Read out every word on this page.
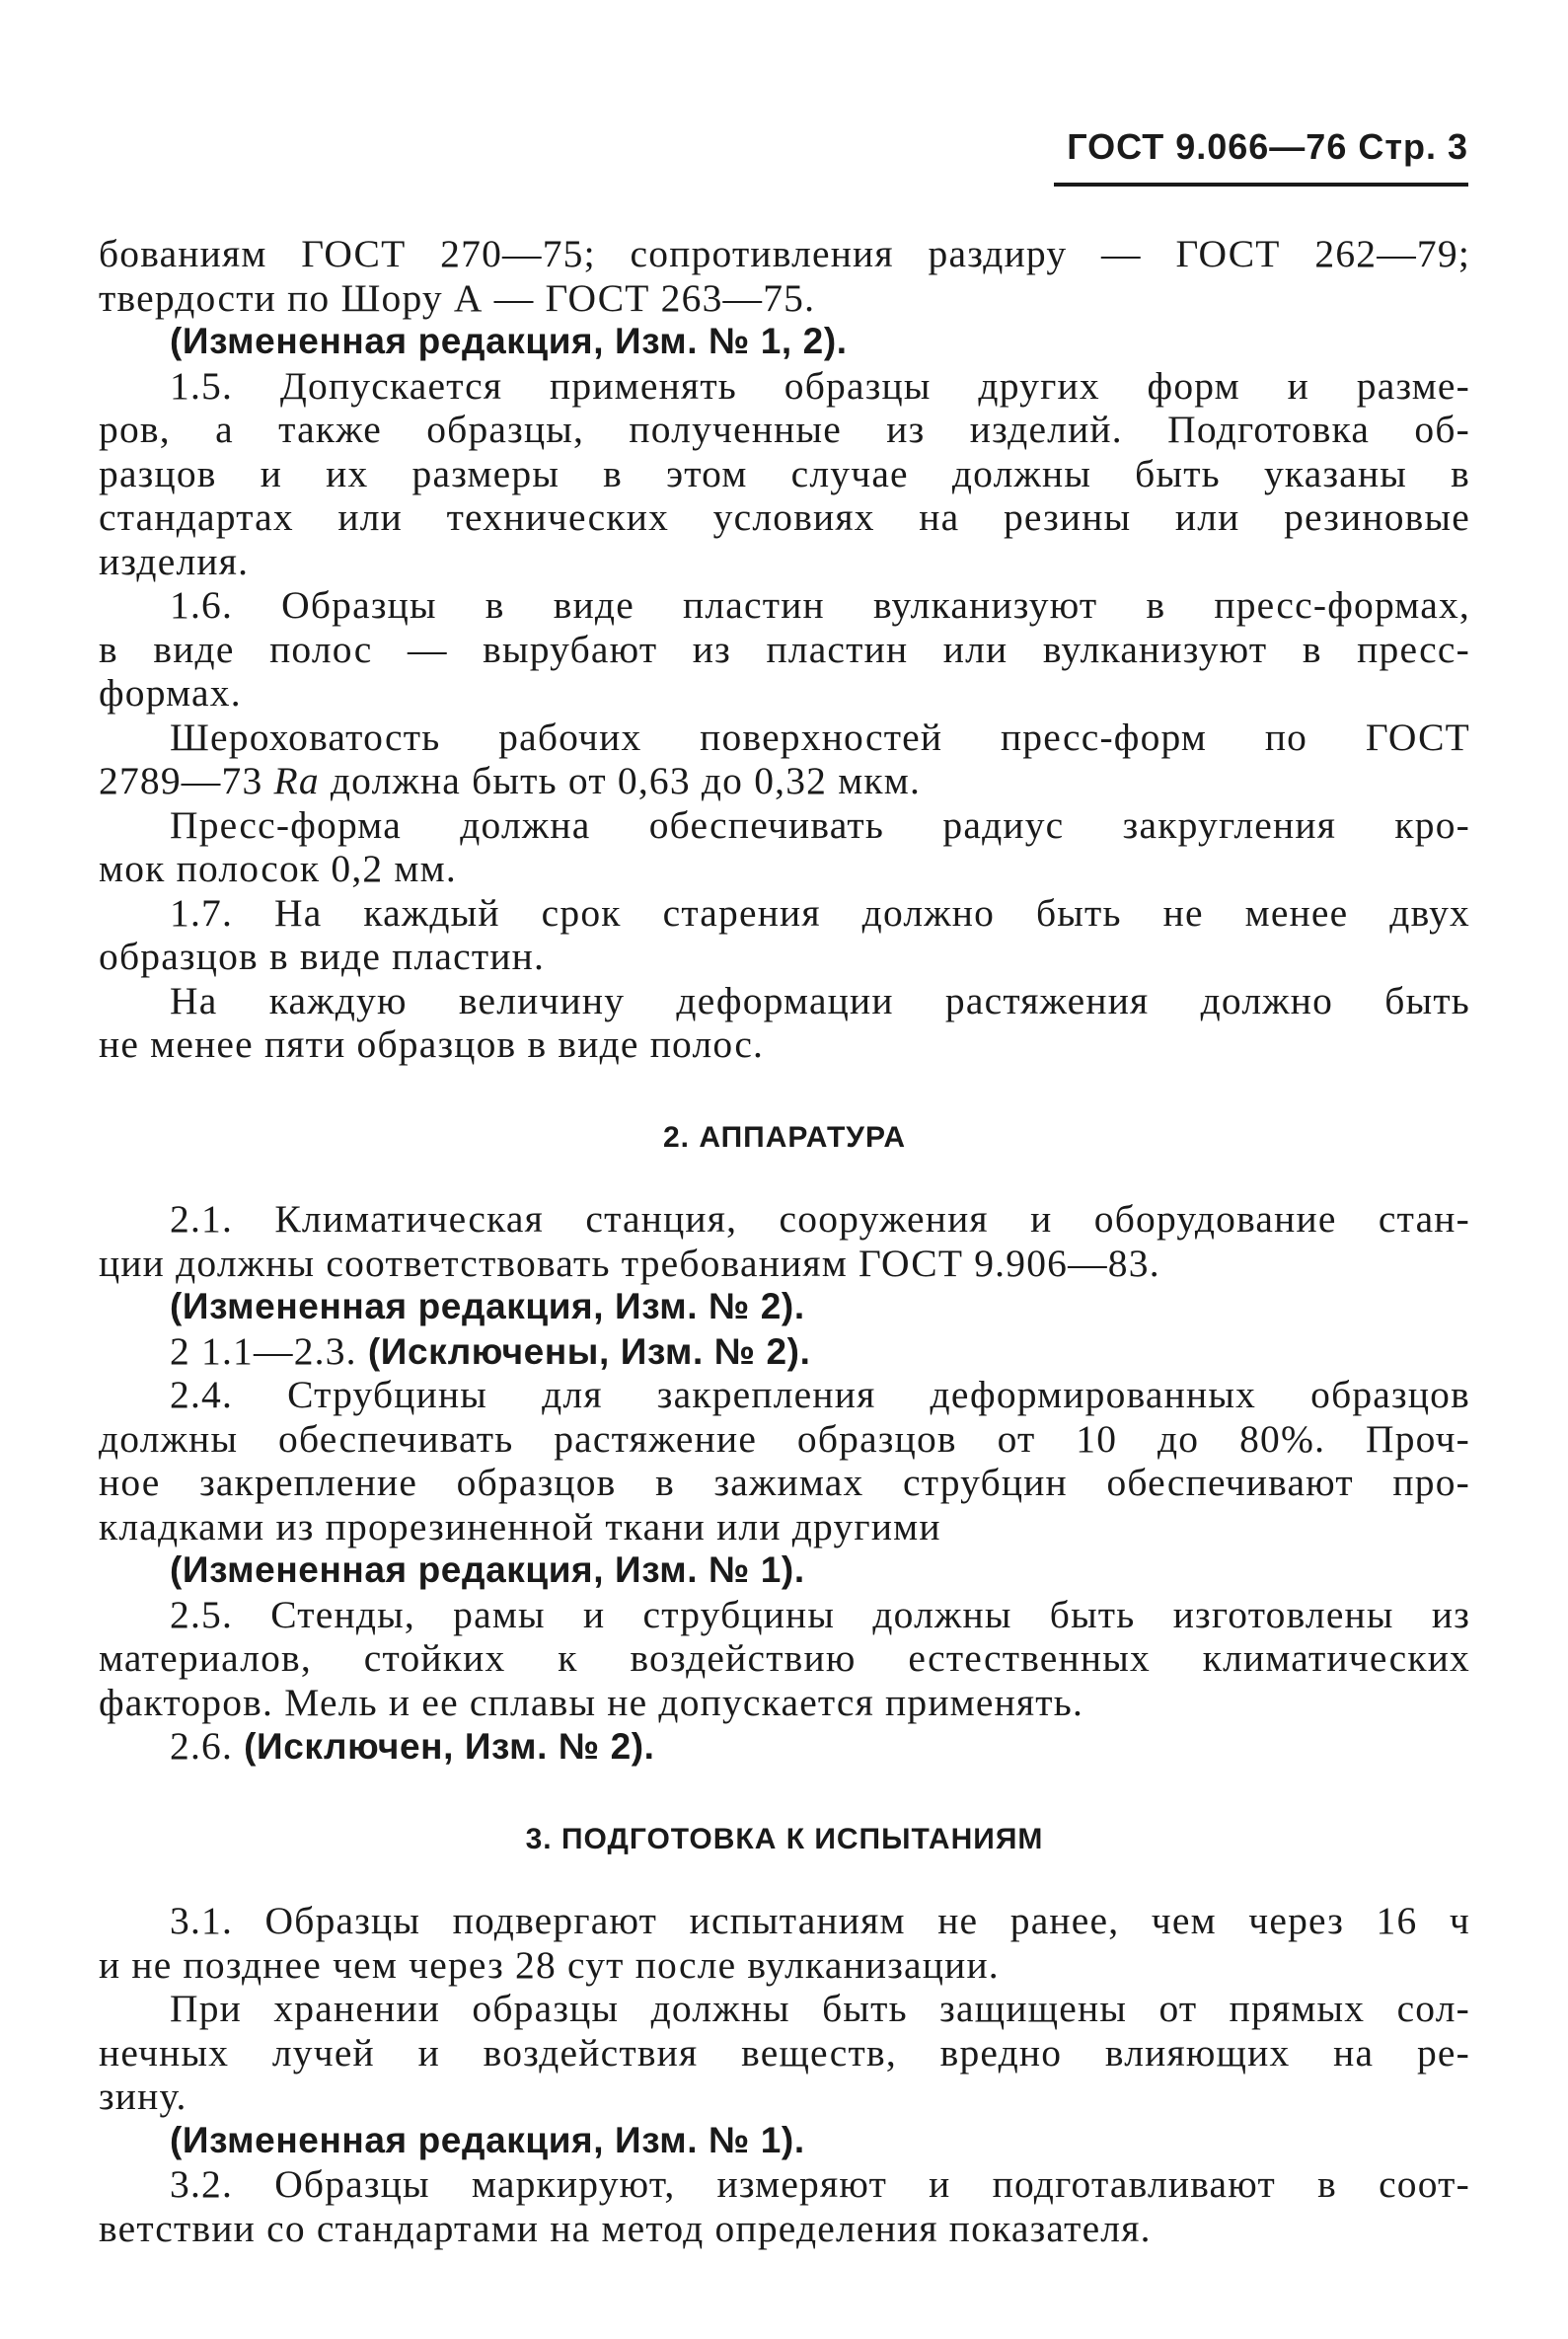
ГОСТ 9.066—76 Стр. 3
бованиям ГОСТ 270—75; сопротивления раздиру — ГОСТ 262—79;
твердости по Шору А — ГОСТ 263—75.
(Измененная редакция, Изм. № 1, 2).
1.5. Допускается применять образцы других форм и разме-
ров, а также образцы, полученные из изделий. Подготовка об-
разцов и их размеры в этом случае должны быть указаны в
стандартах или технических условиях на резины или резиновые
изделия.
1.6. Образцы в виде пластин вулканизуют в пресс-формах,
в виде полос — вырубают из пластин или вулканизуют в пресс-
формах.
Шероховатость рабочих поверхностей пресс-форм по ГОСТ
2789—73 Ra должна быть от 0,63 до 0,32 мкм.
Пресс-форма должна обеспечивать радиус закругления кро-
мок полосок 0,2 мм.
1.7. На каждый срок старения должно быть не менее двух
образцов в виде пластин.
На каждую величину деформации растяжения должно быть
не менее пяти образцов в виде полос.
2. АППАРАТУРА
2.1. Климатическая станция, сооружения и оборудование стан-
ции должны соответствовать требованиям ГОСТ 9.906—83.
(Измененная редакция, Изм. № 2).
2 1.1—2.3. (Исключены, Изм. № 2).
2.4. Струбцины для закрепления деформированных образцов
должны обеспечивать растяжение образцов от 10 до 80%. Проч-
ное закрепление образцов в зажимах струбцин обеспечивают про-
кладками из прорезиненной ткани или другими
(Измененная редакция, Изм. № 1).
2.5. Стенды, рамы и струбцины должны быть изготовлены из
материалов, стойких к воздействию естественных климатических
факторов. Мель и ее сплавы не допускается применять.
2.6. (Исключен, Изм. № 2).
3. ПОДГОТОВКА К ИСПЫТАНИЯМ
3.1. Образцы подвергают испытаниям не ранее, чем через 16 ч
и не позднее чем через 28 сут после вулканизации.
При хранении образцы должны быть защищены от прямых сол-
нечных лучей и воздействия веществ, вредно влияющих на ре-
зину.
(Измененная редакция, Изм. № 1).
3.2. Образцы маркируют, измеряют и подготавливают в соот-
ветствии со стандартами на метод определения показателя.
